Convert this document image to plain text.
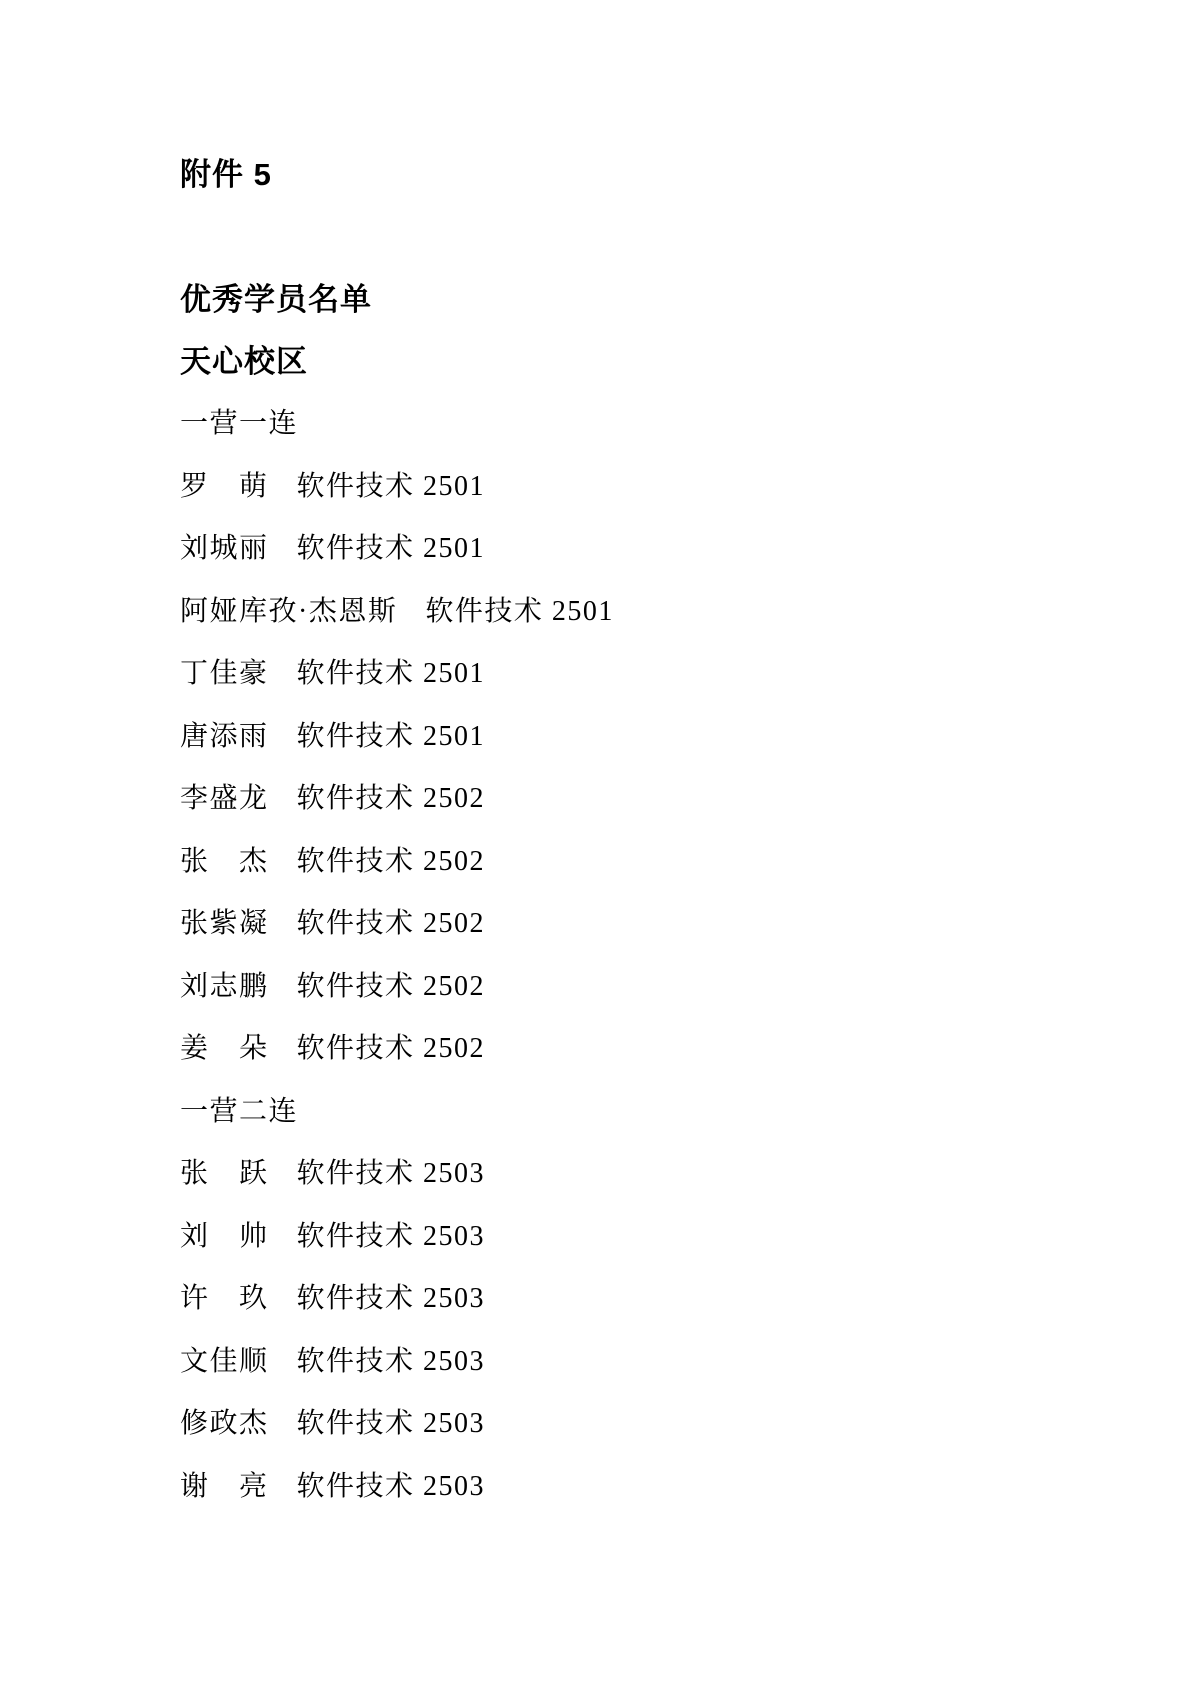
附件 5
优秀学员名单
天心校区
一营一连
罗　萌 软件技术 2501
刘城丽 软件技术 2501
阿娅库孜·杰恩斯 软件技术 2501
丁佳豪 软件技术 2501
唐添雨 软件技术 2501
李盛龙 软件技术 2502
张　杰 软件技术 2502
张紫凝 软件技术 2502
刘志鹏 软件技术 2502
姜　朵 软件技术 2502
一营二连
张　跃 软件技术 2503
刘　帅 软件技术 2503
许　玖 软件技术 2503
文佳顺 软件技术 2503
修政杰 软件技术 2503
谢　亮 软件技术 2503
